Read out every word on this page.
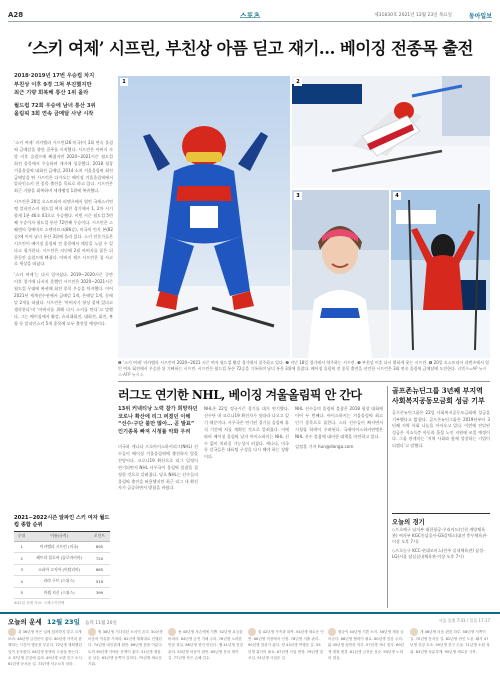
A28	스포츠	제31830호 2021년 12월 23일 목요일	동아일보
‘스키 여제’ 시프린, 부친상 아픔 딛고 재기… 베이징 전종목 출전
2018·2019년 17번 우승컵 차지
부친상 이후 9경 그쳐 부진했지만
최근 기량 회복해 통산 1위 올라
월드컵 72회 우승에 남녀 통산 3위
올림픽 3회 연속 금메달 사냥 시작

‘스키 여제’ 미카엘라 시프린(26·미국)이 3회 연속 올림픽 금메달을 향한 질주를 시작했다. 시프린은 아버지 사망 이후 슬럼프에 빠졌지만 2020∼2021시즌 월드컵 회전 종목에서 우승하며 재기에 성공했다. 2018 평창 겨울올림픽 대회전 금메달, 2014 소치 겨울올림픽 회전 금메달을 딴 시프린은 다가오는 베이징 겨울올림픽에서 알파인스키 전 종목 출전을 목표로 하고 있다. 시프린은 최근 기량을 회복하며 세계랭킹 1위에 복귀했다.

시프린은 20일 오스트리아 리엔츠에서 열린 국제스키연맹 알파인스키 월드컵 여자 회전 경기에서 1, 2차 시기 합계 1분 46초 03으로 우승했다. 이번 시즌 월드컵 5번째 우승이자 월드컵 통산 72번째 우승이다. 시프린은 스웨덴의 잉에마르 스텐마르크(86승), 미국의 린지 본(82승)에 이어 남녀 통산 3위에 올라 있다. 스키 전문가들은 시프린이 베이징 올림픽 전 종목에서 메달을 노릴 수 있다고 평가한다. 시프린은 지난해 2월 아버지를 잃은 뒤 한동안 슬럼프에 빠졌다. 아버지 제프 시프린은 집 사고로 세상을 떠났다.

‘스키 여제’는 다시 일어섰다. 2019∼2020시즌 중반 이후 경기에 나서지 못했던 시프린은 2020∼2021시즌 월드컵 무대에 복귀해 회전 종목 우승을 차지했다. 이어 2021년 세계선수권에서 금메달 1개, 은메달 1개, 동메달 2개를 따냈다. 시프린은 ‘아버지가 항상 곁에 있다고 생각한다’며 ‘아버지를 위해 다시 스키를 탄다’고 말했다. 그는 베이징에서 활강, 슈퍼대회전, 대회전, 회전, 복합 등 알파인스키 5개 종목에 모두 출전할 예정이다.

1	2
3	4
❶ ‘스키 여제’ 미카엘라 시프린이 2020∼2021 시즌 여자 월드컵 활강 경기에서 질주하고 있다. ❷ 지난 18일 경기에서 역주하는 시프린. ❸ 부친상 이후 다시 환하게 웃는 시프린. ❹ 20일 오스트리아 리엔츠에서 열린 여자 회전에서 우승한 뒤 기뻐하는 시프린. 시프린은 월드컵 통산 72승을 기록하며 남녀 통산 3위에 올랐다. 베이징 올림픽 전 종목 출전을 선언한 시프린은 3회 연속 올림픽 금메달에 도전한다. 리엔츠=AP 뉴시스·AFP 뉴시스
러그도 연기한 NHL, 베이징 겨울올림픽 안 간다
13위 커넥티낭 노력 참가 희망하던
코로나 확산에 리그 퍼졌던 이해
“선수·구단 불만 많아… 곧 발표”
인기종목 빠져 시청률 악화 우려

미국과 캐나다 프로아이스하키리그(NHL) 선수들이 베이징 겨울올림픽에 출전하지 않을 전망이다. 코로나19 확산으로 리그 일정이 연기되면서 NHL 사무국이 올림픽 불참을 결정한 것으로 알려졌다. 당초 NHL는 선수들의 올림픽 출전을 허용했지만 최근 리그 내 확진자가 급증하면서 방침을 바꿨다.

NHL은 22일 정규시즌 경기를 대거 연기했다. 선수단 내 코로나19 확진자가 잇따라 나오고 있기 때문이다. 사무국은 연기된 경기를 올림픽 휴식 기간에 치를 계획인 것으로 알려졌다. 이에 따라 베이징 올림픽 남자 아이스하키는 NHL 선수 없이 치러질 가능성이 커졌다. 캐나다, 미국 등 강국들은 대표팀 구성을 다시 해야 하는 상황이다.

NHL 선수들의 올림픽 불참은 2018 평창 대회에 이어 두 번째다. 아이스하키는 겨울올림픽 최고 인기 종목으로 꼽힌다. 스타 선수들이 빠지면서 시청률 하락이 우려된다. 국제아이스하키연맹은 NHL 선수 불참에 대비한 대책을 마련하고 있다.

김정훈 기자 hun@donga.com

골프존뉴딘그룹 3년째 부지역 사회복지공동모금회 성금 기부
골프존뉴딘그룹은 22일 사회복지공동모금회에 성금을 기부했다고 밝혔다. 골프존뉴딘그룹은 2019년부터 3년째 지역 사회 나눔을 이어오고 있다. 이번에 전달된 성금은 저소득층 아동과 홀몸 노인 지원에 쓰일 예정이다. 그룹 관계자는 ‘지역 사회와 함께 성장하는 기업이 되겠다’고 말했다.
오늘의 경기
◇프로배구 남자부 대한항공-우리카드(인천 계양체육관) 여자부 KGC인삼공사-GS칼텍스(대전 충무체육관·이상 오후 7시)
◇프로농구 KCC-현대모비스(전주 실내체육관) 삼성-LG(서울 잠실실내체육관·이상 오후 7시)
2021∼2022시즌 알파인 스키 여자 월드컵 종합 순위
순위	이름(국적)	포인트
1	미카엘라 시프린 (미국)	895
2	페트라 블호바 (슬로바키아)	720
3	소피아 고지아 (이탈리아)	665
4	라라 구트 (스위스)	519
5	미셸 지신 (스위스)	399
※22일 현재 자료: 국제스키연맹
오늘의 운세 12월 23일 음력 11월 20일
서울 일출 7:43 / 일몰 17:17
쥐 36년생 작은 일에 집착하지 말고 크게 보라. 48년생 금전운이 좋다. 60년생 가족과 함께하는 시간이 행운을 부른다. 72년생 계획했던 일이 순조롭다. 84년생 뜻밖의 도움을 받는다. 소 37년생 건강에 유의. 49년생 오랜 친구 소식. 61년생 문서운 길. 73년생 서두르지 마라.
범 38년생 기다리던 소식이 온다. 50년생 마음의 여유를 가져라. 62년생 계획대로 진행된다. 74년생 대인관계 원만. 86년생 뜻을 이룬다. 토끼 39년생 가벼운 산책이 좋다. 51년생 재물운 상승. 63년생 동쪽이 길하다. 75년생 새로운 기회.
용 40년생 자손에게 기쁨. 52년생 욕심을 버려라. 64년생 금전 거래 주의. 76년생 노력한 만큼 결실. 88년생 귀인 만난다. 뱀 41년생 건강 관리. 53년생 마음이 편안. 65년생 문서 계약 길. 77년생 작은 손해 감수.
말 42년생 가족과 화목. 54년생 새로운 인연. 66년생 직장에서 인정. 78년생 지출 관리. 90년생 결과가 좋다. 양 43년생 여행운 길. 55년생 휴식이 필요. 67년생 사업 번창. 79년생 말조심. 91년생 시험운 길.
원숭이 44년생 기쁜 소식. 56년생 재물 들어온다. 68년생 협력이 필요. 80년생 건강 주의. 닭 45년생 평안한 하루. 57년생 자녀 경사. 69년생 계획 변경. 81년생 금전운 상승. 93년생 노력의 결실.
개 46년생 마음 편한 하루. 58년생 서쪽이 길. 70년생 문서운 길. 82년생 귀인 도움. 돼지 47년생 건강 호조. 59년생 친구 도움. 71년생 소원 성취. 83년생 차분하게. 95년생 새로운 시작.
